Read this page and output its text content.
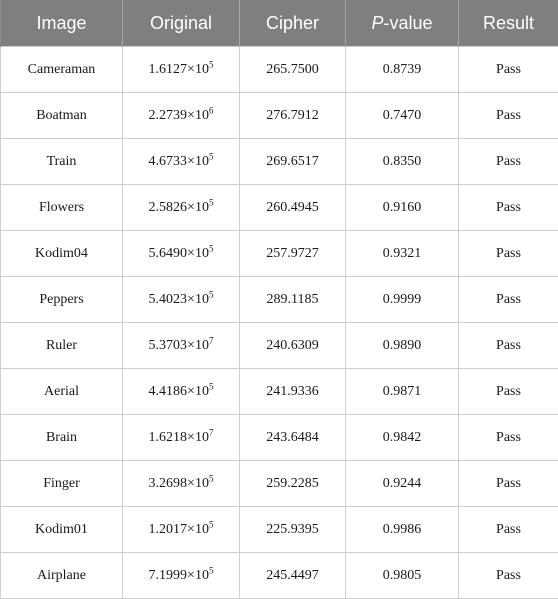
Image	Original	Cipher	P-value	Result
Cameraman	$1.6127\times 10^5$	265.7500	0.8739	Pass
Boatman	$2.2739\times 10^6$	276.7912	0.7470	Pass
Train	$4.6733\times 10^5$	269.6517	0.8350	Pass
Flowers	$2.5826\times 10^5$	260.4945	0.9160	Pass
Kodim04	$5.6490\times 10^5$	257.9727	0.9321	Pass
Peppers	$5.4023\times 10^5$	289.1185	0.9999	Pass
Ruler	$5.3703\times 10^7$	240.6309	0.9890	Pass
Aerial	$4.4186\times 10^5$	241.9336	0.9871	Pass
Brain	$1.6218\times 10^7$	243.6484	0.9842	Pass
Finger	$3.2698\times 10^5$	259.2285	0.9244	Pass
Kodim01	$1.2017\times 10^5$	225.9395	0.9986	Pass
Airplane	$7.1999\times 10^5$	245.4497	0.9805	Pass
